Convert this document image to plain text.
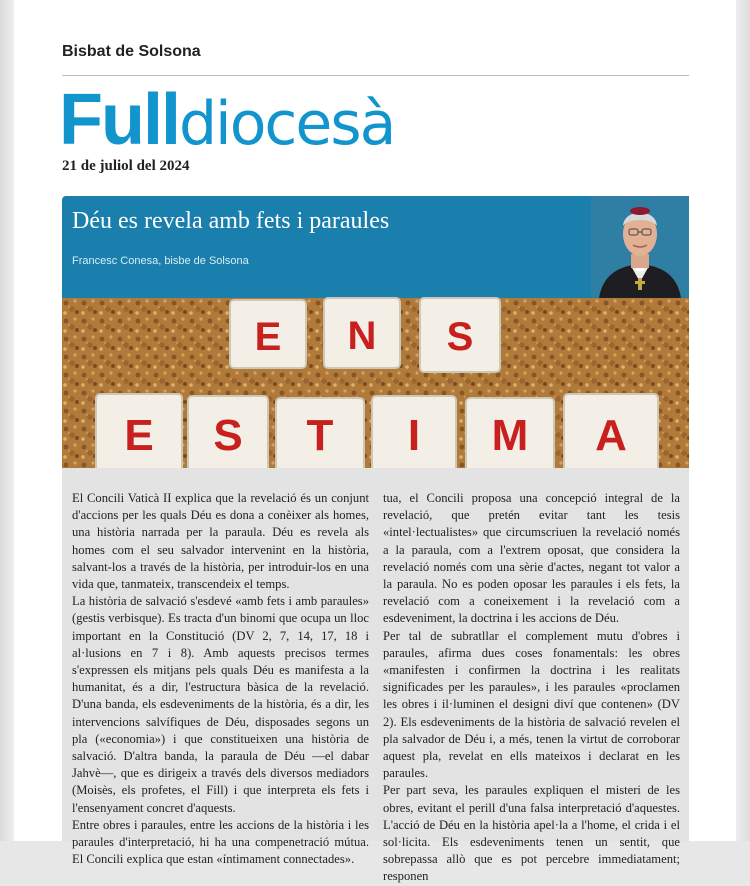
Bisbat de Solsona
Fulldiocesà
21 de juliol del 2024
Déu es revela amb fets i paraules
Francesc Conesa, bisbe de Solsona
E N S
E S T I M A

El Concili Vaticà II explica que la revelació és un conjunt d'accions per les quals Déu es dona a conèixer als homes, una història narrada per la paraula. Déu es revela als homes com el seu salvador intervenint en la història, salvant-los a través de la història, per introduir-los en una vida que, tanmateix, transcendeix el temps.

La història de salvació s'esdevé «amb fets i amb paraules» (gestis verbisque). Es tracta d'un binomi que ocupa un lloc important en la Constitució (DV 2, 7, 14, 17, 18 i al·lusions en 7 i 8). Amb aquests precisos termes s'expressen els mitjans pels quals Déu es manifesta a la humanitat, és a dir, l'estructura bàsica de la revelació. D'una banda, els esdeveniments de la història, és a dir, les intervencions salvífiques de Déu, disposades segons un pla («economia») i que constitueixen una història de salvació. D'altra banda, la paraula de Déu —el dabar Jahvè—, que es dirigeix a través dels diversos mediadors (Moisès, els profetes, el Fill) i que interpreta els fets i l'ensenyament concret d'aquests.

Entre obres i paraules, entre les accions de la història i les paraules d'interpretació, hi ha una compenetració mútua. El Concili explica que estan «íntimament connectades».

tua, el Concili proposa una concepció integral de la revelació, que pretén evitar tant les tesis «intel·lectualistes» que circumscriuen la revelació només a la paraula, com a l'extrem oposat, que considera la revelació només com una sèrie d'actes, negant tot valor a la paraula. No es poden oposar les paraules i els fets, la revelació com a coneixement i la revelació com a esdeveniment, la doctrina i les accions de Déu.

Per tal de subratllar el complement mutu d'obres i paraules, afirma dues coses fonamentals: les obres «manifesten i confirmen la doctrina i les realitats significades per les paraules», i les paraules «proclamen les obres i il·luminen el designi diví que contenen» (DV 2). Els esdeveniments de la història de salvació revelen el pla salvador de Déu i, a més, tenen la virtut de corroborar aquest pla, revelat en ells mateixos i declarat en les paraules.

Per part seva, les paraules expliquen el misteri de les obres, evitant el perill d'una falsa interpretació d'aquestes. L'acció de Déu en la història apel·la a l'home, el crida i el sol·licita. Els esdeveniments tenen un sentit, que sobrepassa allò que es pot percebre immediatament; responen
